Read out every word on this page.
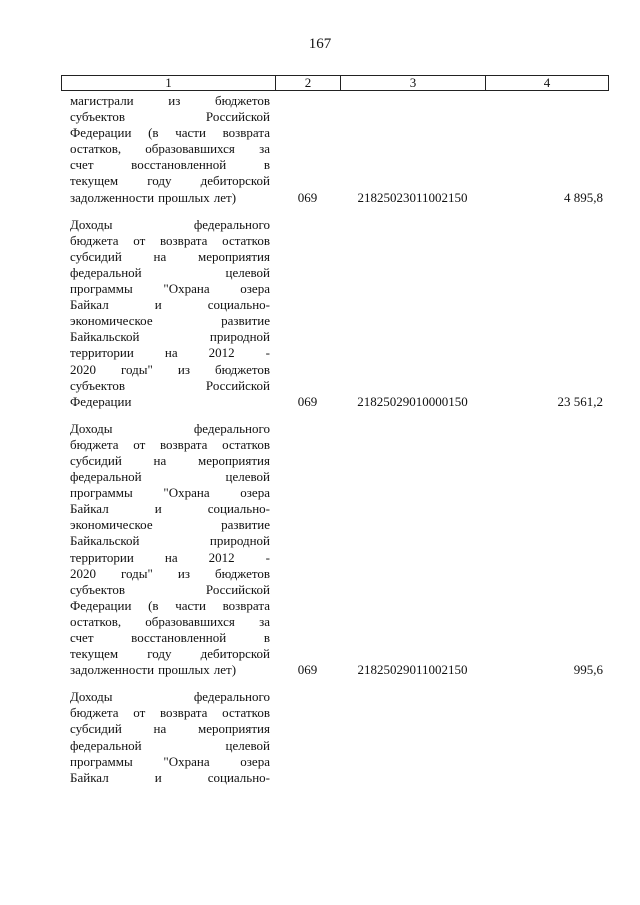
167
1	2	3	4
магистрали	из	бюджетов
субъектов	Российской
Федерации (в части возврата
остатков, образовавшихся за
счет	восстановленной	в
текущем году дебиторской
задолженности прошлых лет)	069	21825023011002150	4 895,8
Доходы	федерального
бюджета от возврата остатков
субсидий на мероприятия
федеральной	целевой
программы "Охрана озера
Байкал	и	социально-
экономическое	развитие
Байкальской	природной
территории на 2012 -
2020 годы" из бюджетов
субъектов	Российской
Федерации	069	21825029010000150	23 561,2
Доходы	федерального
бюджета от возврата остатков
субсидий на мероприятия
федеральной	целевой
программы "Охрана озера
Байкал	и	социально-
экономическое	развитие
Байкальской	природной
территории на 2012 -
2020 годы" из бюджетов
субъектов	Российской
Федерации (в части возврата
остатков, образовавшихся за
счет	восстановленной	в
текущем году дебиторской
задолженности прошлых лет)	069	21825029011002150	995,6
Доходы	федерального
бюджета от возврата остатков
субсидий на мероприятия
федеральной	целевой
программы "Охрана озера
Байкал	и	социально-
